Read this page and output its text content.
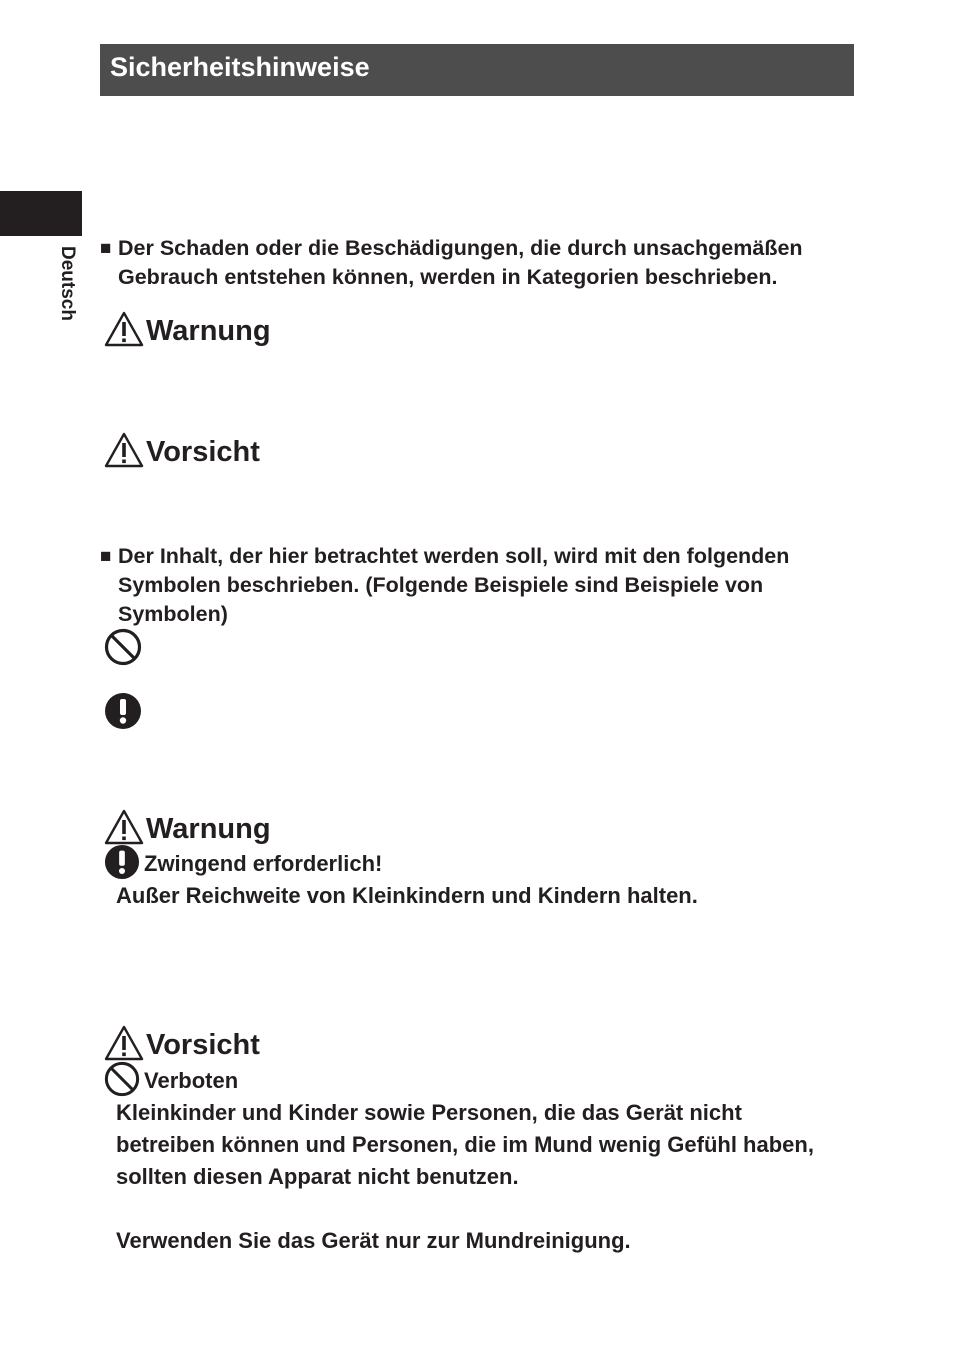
Sicherheitshinweise
Deutsch ■ Der Schaden oder die Beschädigungen, die durch unsachgemäßen
Gebrauch entstehen können, werden in Kategorien beschrieben.
Warnung
Vorsicht
■ Der Inhalt, der hier betrachtet werden soll, wird mit den folgenden
Symbolen beschrieben. (Folgende Beispiele sind Beispiele von
Symbolen)
Warnung
Zwingend erforderlich!
Außer Reichweite von Kleinkindern und Kindern halten.
Vorsicht
Verboten
Kleinkinder und Kinder sowie Personen, die das Gerät nicht
betreiben können und Personen, die im Mund wenig Gefühl haben,
sollten diesen Apparat nicht benutzen.
Verwenden Sie das Gerät nur zur Mundreinigung.
